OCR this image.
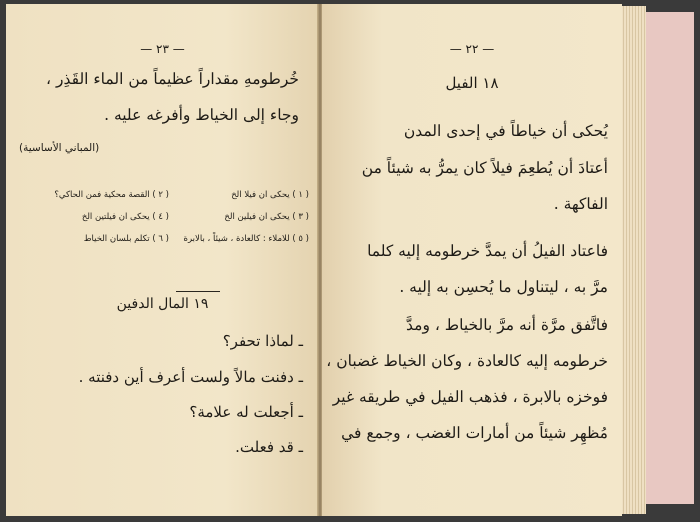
— ٢٣ —
خُرطومهِ مقداراً عظيماً من الماء القَذِر ،
وجاء إلى الخياط وأفرغه عليه .
(المباني الأساسية)
( ١ ) يحكى ان فيلا الخ
( ٣ ) يحكى ان فيلين الخ
( ٥ ) للاملاء : كالعادة ، شيئاً ، بالابرة
( ٢ ) القصة محكية فمن الحاكي؟
( ٤ ) يحكى ان فيلتين الخ
( ٦ ) تكلم بلسان الخياط
١٩ المال الدفين
ـ لماذا تحفر؟
ـ دفنت مالاً ولست أعرف أين دفنته .
ـ أجعلت له علامة؟
ـ قد فعلت.
— ٢٢ —
١٨ الفيل
يُحكى أن خياطاً في إحدى المدن
أعتادَ أن يُطعِمَ فيلاً كان يمرُّ به شيئاً من
الفاكهة .
فاعتاد الفيلُ أن يمدَّ خرطومه إليه كلما
مرَّ به ، ليتناول ما يُحسِن به إليه .
فاتَّفق مرَّة أنه مرَّ بالخياط ، ومدَّ
خرطومه إليه كالعادة ، وكان الخياط غضبان ،
فوخزه بالابرة ، فذهب الفيل في طريقه غير
مُظهِر شيئاً من أمارات الغضب ، وجمع في
